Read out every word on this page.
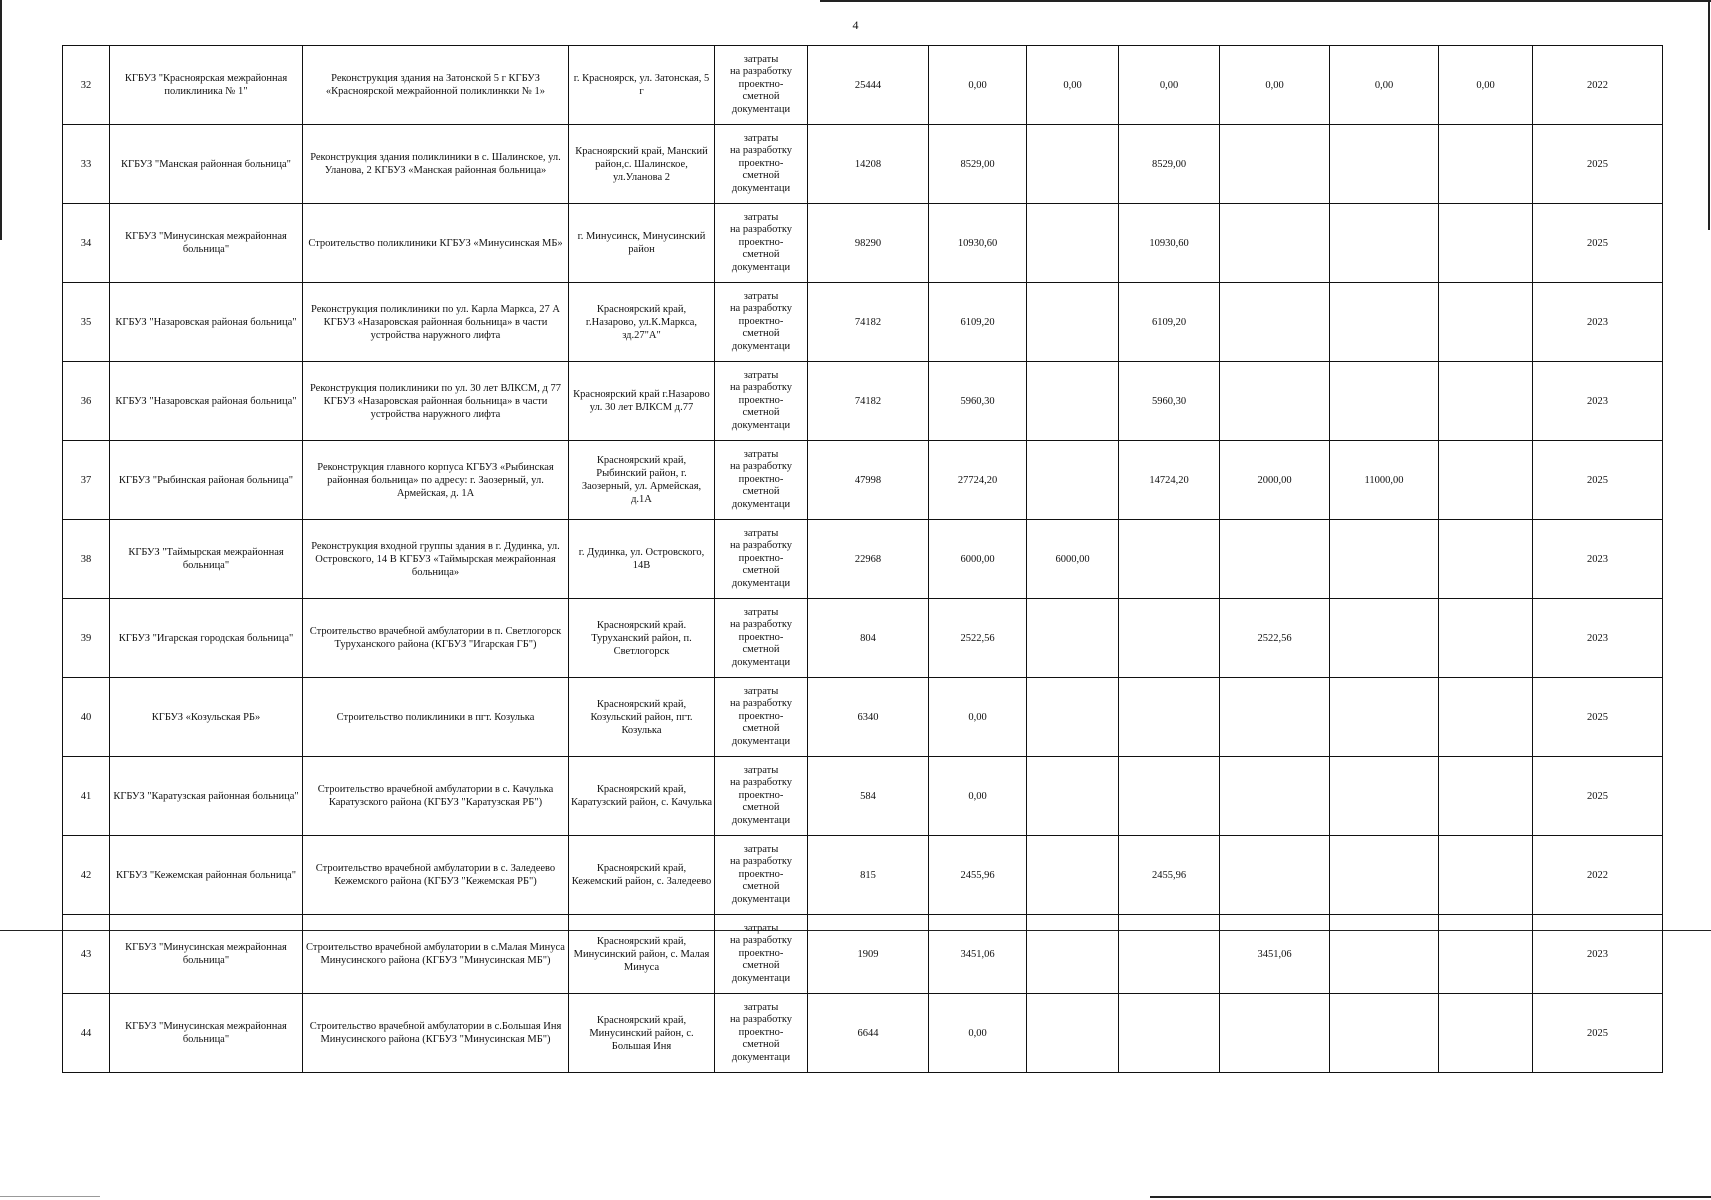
4
32	КГБУЗ "Красноярская межрайонная поликлиника № 1"	Реконструкция здания на Затонской 5 г КГБУЗ «Красноярской межрайонной поликлинкки № 1»	г. Красноярск, ул. Затонская, 5 г	затраты
на разработку
проектно-
сметной
документаци	25444	0,00	0,00	0,00	0,00	0,00	0,00	2022
33	КГБУЗ "Манская районная больница"	Реконструкция здания поликлиники в с. Шалинское, ул. Уланова, 2 КГБУЗ «Манская районная больница»	Красноярский край, Манский район,с. Шалинское, ул.Уланова 2	затраты
на разработку
проектно-
сметной
документаци	14208	8529,00		8529,00				2025
34	КГБУЗ "Минусинская межрайонная больница"	Строительство поликлиники КГБУЗ «Минусинская МБ»	г. Минусинск, Минусинский район	затраты
на разработку
проектно-
сметной
документаци	98290	10930,60		10930,60				2025
35	КГБУЗ "Назаровская районая больница"	Реконструкция поликлиники по ул. Карла Маркса, 27 А КГБУЗ «Назаровская районная больница» в части устройства наружного лифта	Красноярский край, г.Назарово, ул.К.Маркса, зд.27"А"	затраты
на разработку
проектно-
сметной
документаци	74182	6109,20		6109,20				2023
36	КГБУЗ "Назаровская районая больница"	Реконструкция поликлиники по ул. 30 лет ВЛКСМ, д 77 КГБУЗ «Назаровская районная больница» в части устройства наружного лифта	Красноярский край г.Назарово ул. 30 лет ВЛКСМ д.77	затраты
на разработку
проектно-
сметной
документаци	74182	5960,30		5960,30				2023
37	КГБУЗ "Рыбинская районая больница"	Реконструкция главного корпуса КГБУЗ «Рыбинская районная больница» по адресу: г. Заозерный, ул. Армейская, д. 1А	Красноярский край, Рыбинский район, г. Заозерный, ул. Армейская, д.1А	затраты
на разработку
проектно-
сметной
документаци	47998	27724,20		14724,20	2000,00	11000,00		2025
38	КГБУЗ "Таймырская межрайонная больница"	Реконструкция входной группы здания в г. Дудинка, ул. Островского, 14 В КГБУЗ «Таймырская межрайонная больница»	г. Дудинка, ул. Островского, 14В	затраты
на разработку
проектно-
сметной
документаци	22968	6000,00	6000,00					2023
39	КГБУЗ "Игарская городская больница"	Строительство врачебной амбулатории в п. Светлогорск Туруханского района (КГБУЗ "Игарская ГБ")	Красноярский край. Туруханский район, п. Светлогорск	затраты
на разработку
проектно-
сметной
документаци	804	2522,56			2522,56			2023
40	КГБУЗ «Козульская РБ»	Строительство поликлиники в пгт. Козулька	Красноярский край, Козульский район, пгт. Козулька	затраты
на разработку
проектно-
сметной
документаци	6340	0,00						2025
41	КГБУЗ "Каратузская районная больница"	Строительство врачебной амбулатории в с. Качулька Каратузского района (КГБУЗ "Каратузская РБ")	Красноярский край, Каратузский район, с. Качулька	затраты
на разработку
проектно-
сметной
документаци	584	0,00						2025
42	КГБУЗ "Кежемская районная больница"	Строительство врачебной амбулатории в с. Заледеево Кежемского района (КГБУЗ "Кежемская РБ")	Красноярский край, Кежемский район, с. Заледеево	затраты
на разработку
проектно-
сметной
документаци	815	2455,96		2455,96				2022
43	КГБУЗ "Минусинская межрайонная больница"	Строительство врачебной амбулатории в с.Малая Минуса Минусинского района (КГБУЗ "Минусинская МБ")	Красноярский край, Минусинский район, с. Малая Минуса	затраты
на разработку
проектно-
сметной
документаци	1909	3451,06			3451,06			2023
44	КГБУЗ "Минусинская межрайонная больница"	Строительство врачебной амбулатории в с.Большая Иня Минусинского района (КГБУЗ "Минусинская МБ")	Красноярский край, Минусинский район, с. Большая Иня	затраты
на разработку
проектно-
сметной
документаци	6644	0,00						2025
